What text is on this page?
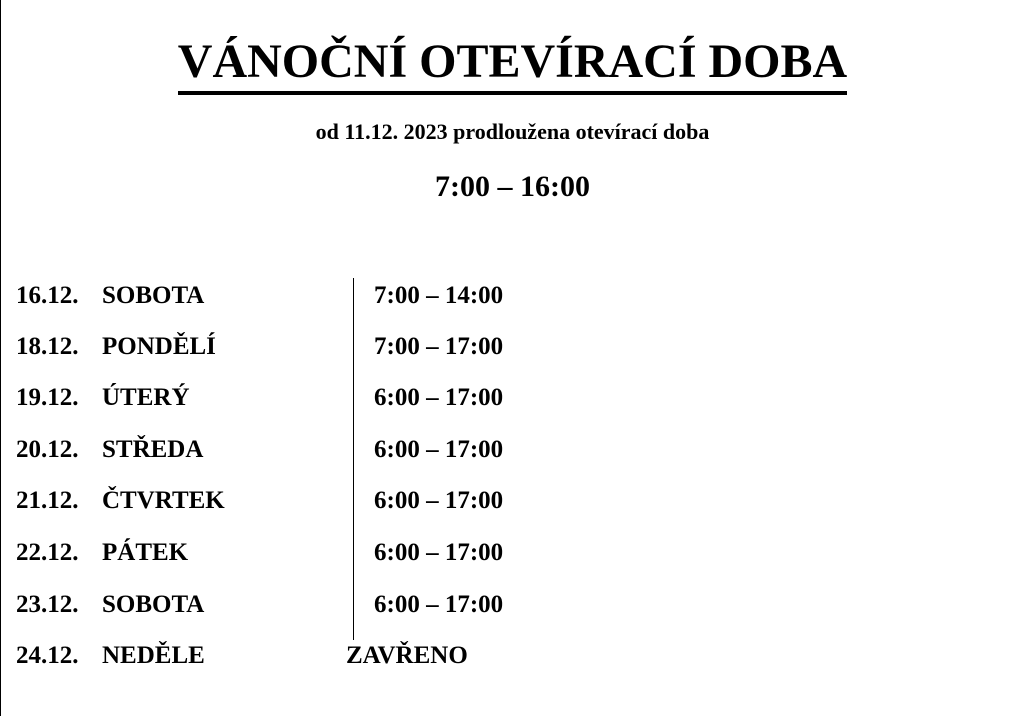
VÁNOČNÍ OTEVÍRACÍ DOBA
od 11.12. 2023 prodloužena otevírací doba
7:00 – 16:00
16.12. SOBOTA	7:00 – 14:00
18.12. PONDĚLÍ	7:00 – 17:00
19.12. ÚTERÝ	6:00 – 17:00
20.12. STŘEDA	6:00 – 17:00
21.12. ČTVRTEK	6:00 – 17:00
22.12. PÁTEK	6:00 – 17:00
23.12. SOBOTA	6:00 – 17:00
24.12. NEDĚLE	ZAVŘENO
